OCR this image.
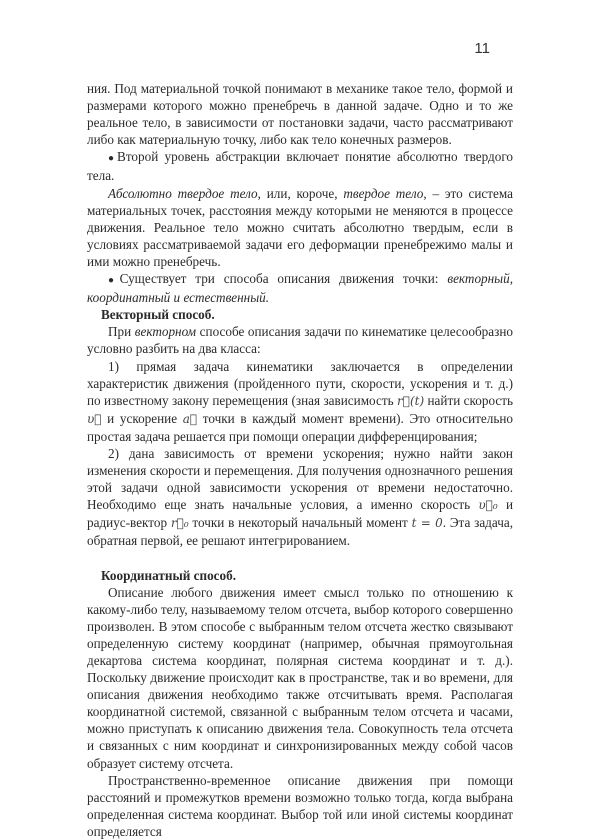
11

ния. Под материальной точкой понимают в механике такое тело, формой и размерами которого можно пренебречь в данной задаче. Одно и то же реальное тело, в зависимости от постановки задачи, часто рассматривают либо как материальную точку, либо как тело конечных размеров.

●Второй уровень абстракции включает понятие абсолютно твердого тела.

Абсолютно твердое тело, или, короче, твердое тело, – это система материальных точек, расстояния между которыми не меняются в процессе движения. Реальное тело можно считать абсолютно твердым, если в условиях рассматриваемой задачи его деформации пренебрежимо малы и ими можно пренебречь.

●Существует три способа описания движения точки: векторный, координатный и естественный.

Векторный способ.

При векторном способе описания задачи по кинематике целесообразно условно разбить на два класса:

1) прямая задача кинематики заключается в определении характеристик движения (пройденного пути, скорости, ускорения и т. д.) по известному закону перемещения (зная зависимость r⃗(t) найти скорость υ⃗ и ускорение a⃗ точки в каждый момент времени). Это относительно простая задача решается при помощи операции дифференцирования;

2) дана зависимость от времени ускорения; нужно найти закон изменения скорости и перемещения. Для получения однозначного решения этой задачи одной зависимости ускорения от времени недостаточно. Необходимо еще знать начальные условия, а именно скорость υ⃗₀ и радиус-вектор r⃗₀ точки в некоторый начальный момент t = 0. Эта задача, обратная первой, ее решают интегрированием.

Координатный способ.

Описание любого движения имеет смысл только по отношению к какому-либо телу, называемому телом отсчета, выбор которого совершенно произволен. В этом способе с выбранным телом отсчета жестко связывают определенную систему координат (например, обычная прямоугольная декартова система координат, полярная система координат и т. д.). Поскольку движение происходит как в пространстве, так и во времени, для описания движения необходимо также отсчитывать время. Располагая координатной системой, связанной с выбранным телом отсчета и часами, можно приступать к описанию движения тела. Совокупность тела отсчета и связанных с ним координат и синхронизированных между собой часов образует систему отсчета.

Пространственно-временное описание движения при помощи расстояний и промежутков времени возможно только тогда, когда выбрана определенная система координат. Выбор той или иной системы координат определяется
